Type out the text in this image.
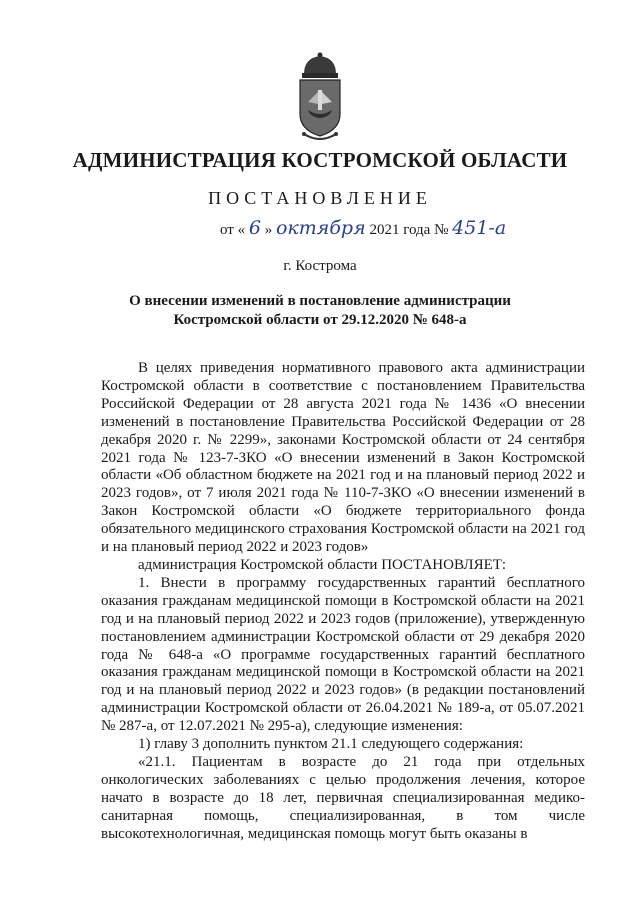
АДМИНИСТРАЦИЯ КОСТРОМСКОЙ ОБЛАСТИ
ПОСТАНОВЛЕНИЕ
от « 6 » октября 2021 года № 451-а
г. Кострома
О внесении изменений в постановление администрации
Костромской области от 29.12.2020 № 648-а

В целях приведения нормативного правового акта администрации Костромской области в соответствие с постановлением Правительства Российской Федерации от 28 августа 2021 года № 1436 «О внесении изменений в постановление Правительства Российской Федерации от 28 декабря 2020 г. № 2299», законами Костромской области от 24 сентября 2021 года № 123-7-ЗКО «О внесении изменений в Закон Костромской области «Об областном бюджете на 2021 год и на плановый период 2022 и 2023 годов», от 7 июля 2021 года № 110-7-ЗКО «О внесении изменений в Закон Костромской области «О бюджете территориального фонда обязательного медицинского страхования Костромской области на 2021 год и на плановый период 2022 и 2023 годов»

администрация Костромской области ПОСТАНОВЛЯЕТ:

1. Внести в программу государственных гарантий бесплатного оказания гражданам медицинской помощи в Костромской области на 2021 год и на плановый период 2022 и 2023 годов (приложение), утвержденную постановлением администрации Костромской области от 29 декабря 2020 года № 648-а «О программе государственных гарантий бесплатного оказания гражданам медицинской помощи в Костромской области на 2021 год и на плановый период 2022 и 2023 годов» (в редакции постановлений администрации Костромской области от 26.04.2021 № 189-а, от 05.07.2021 № 287-а, от 12.07.2021 № 295-а), следующие изменения:

1) главу 3 дополнить пунктом 21.1 следующего содержания:

«21.1. Пациентам в возрасте до 21 года при отдельных онкологических заболеваниях с целью продолжения лечения, которое начато в возрасте до 18 лет, первичная специализированная медико-санитарная помощь, специализированная, в том числе высокотехнологичная, медицинская помощь могут быть оказаны в
